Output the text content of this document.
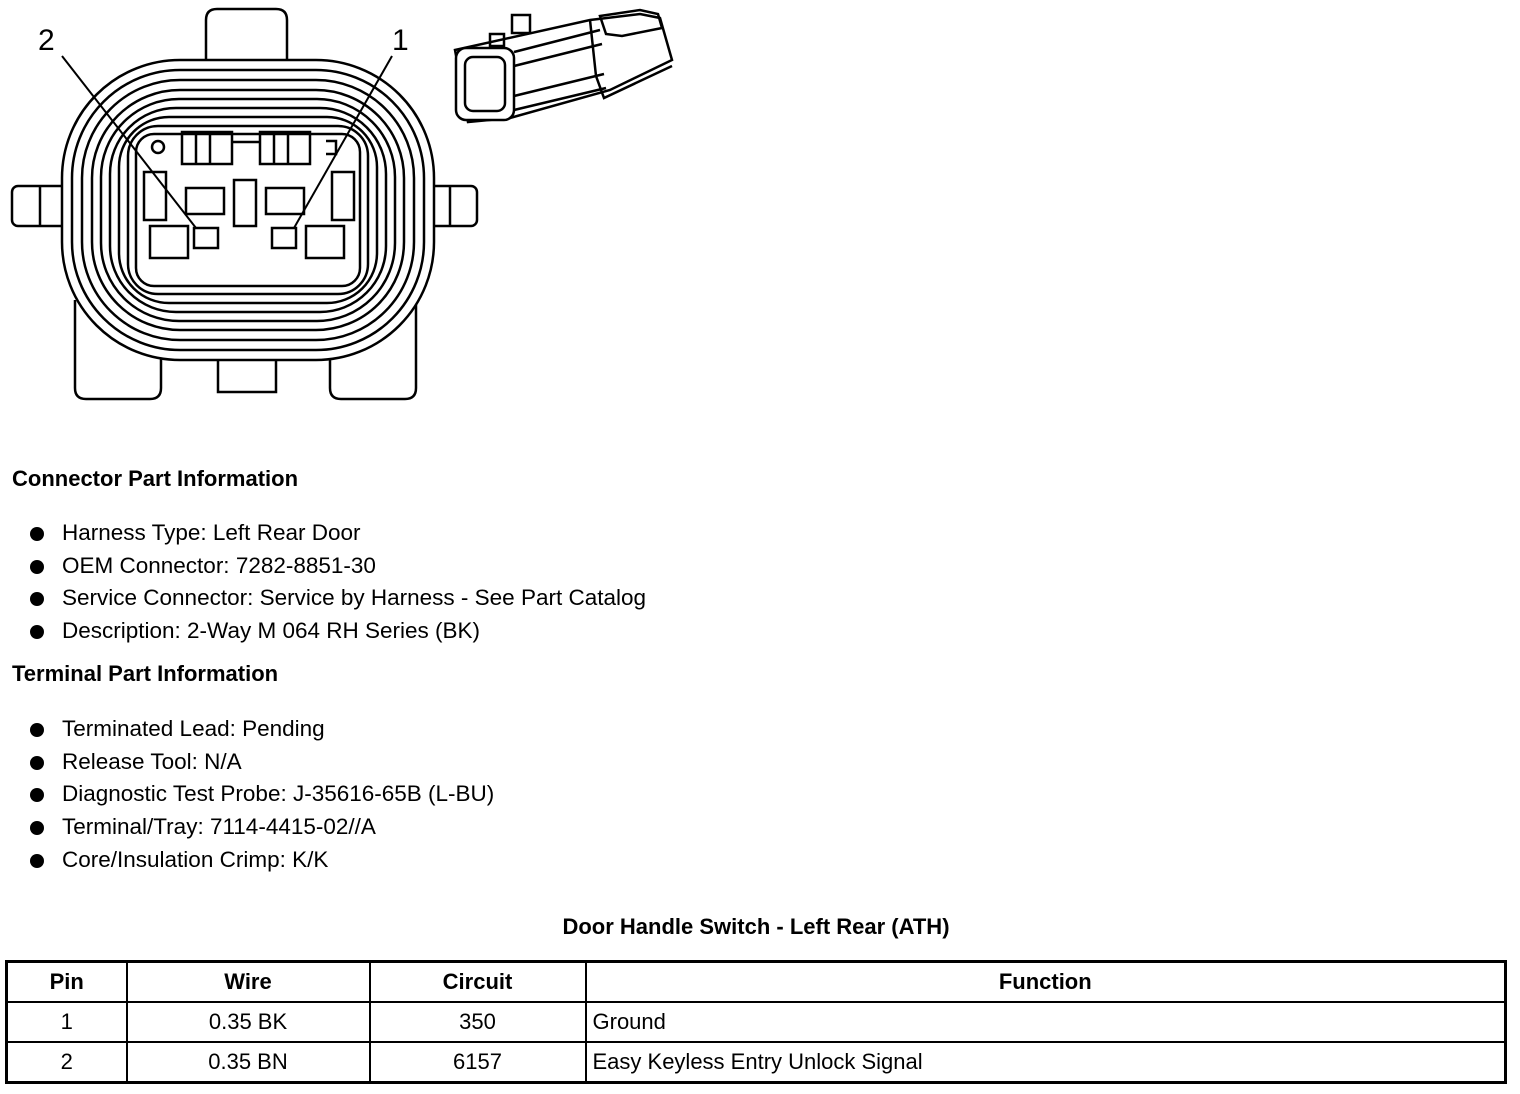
2	1
Connector Part Information
Harness Type: Left Rear Door
OEM Connector: 7282-8851-30
Service Connector: Service by Harness - See Part Catalog
Description: 2-Way M 064 RH Series (BK)
Terminal Part Information
Terminated Lead: Pending
Release Tool: N/A
Diagnostic Test Probe: J-35616-65B (L-BU)
Terminal/Tray: 7114-4415-02//A
Core/Insulation Crimp: K/K
Door Handle Switch - Left Rear (ATH)
Pin	Wire	Circuit	Function
1	0.35 BK	350	Ground
2	0.35 BN	6157	Easy Keyless Entry Unlock Signal
